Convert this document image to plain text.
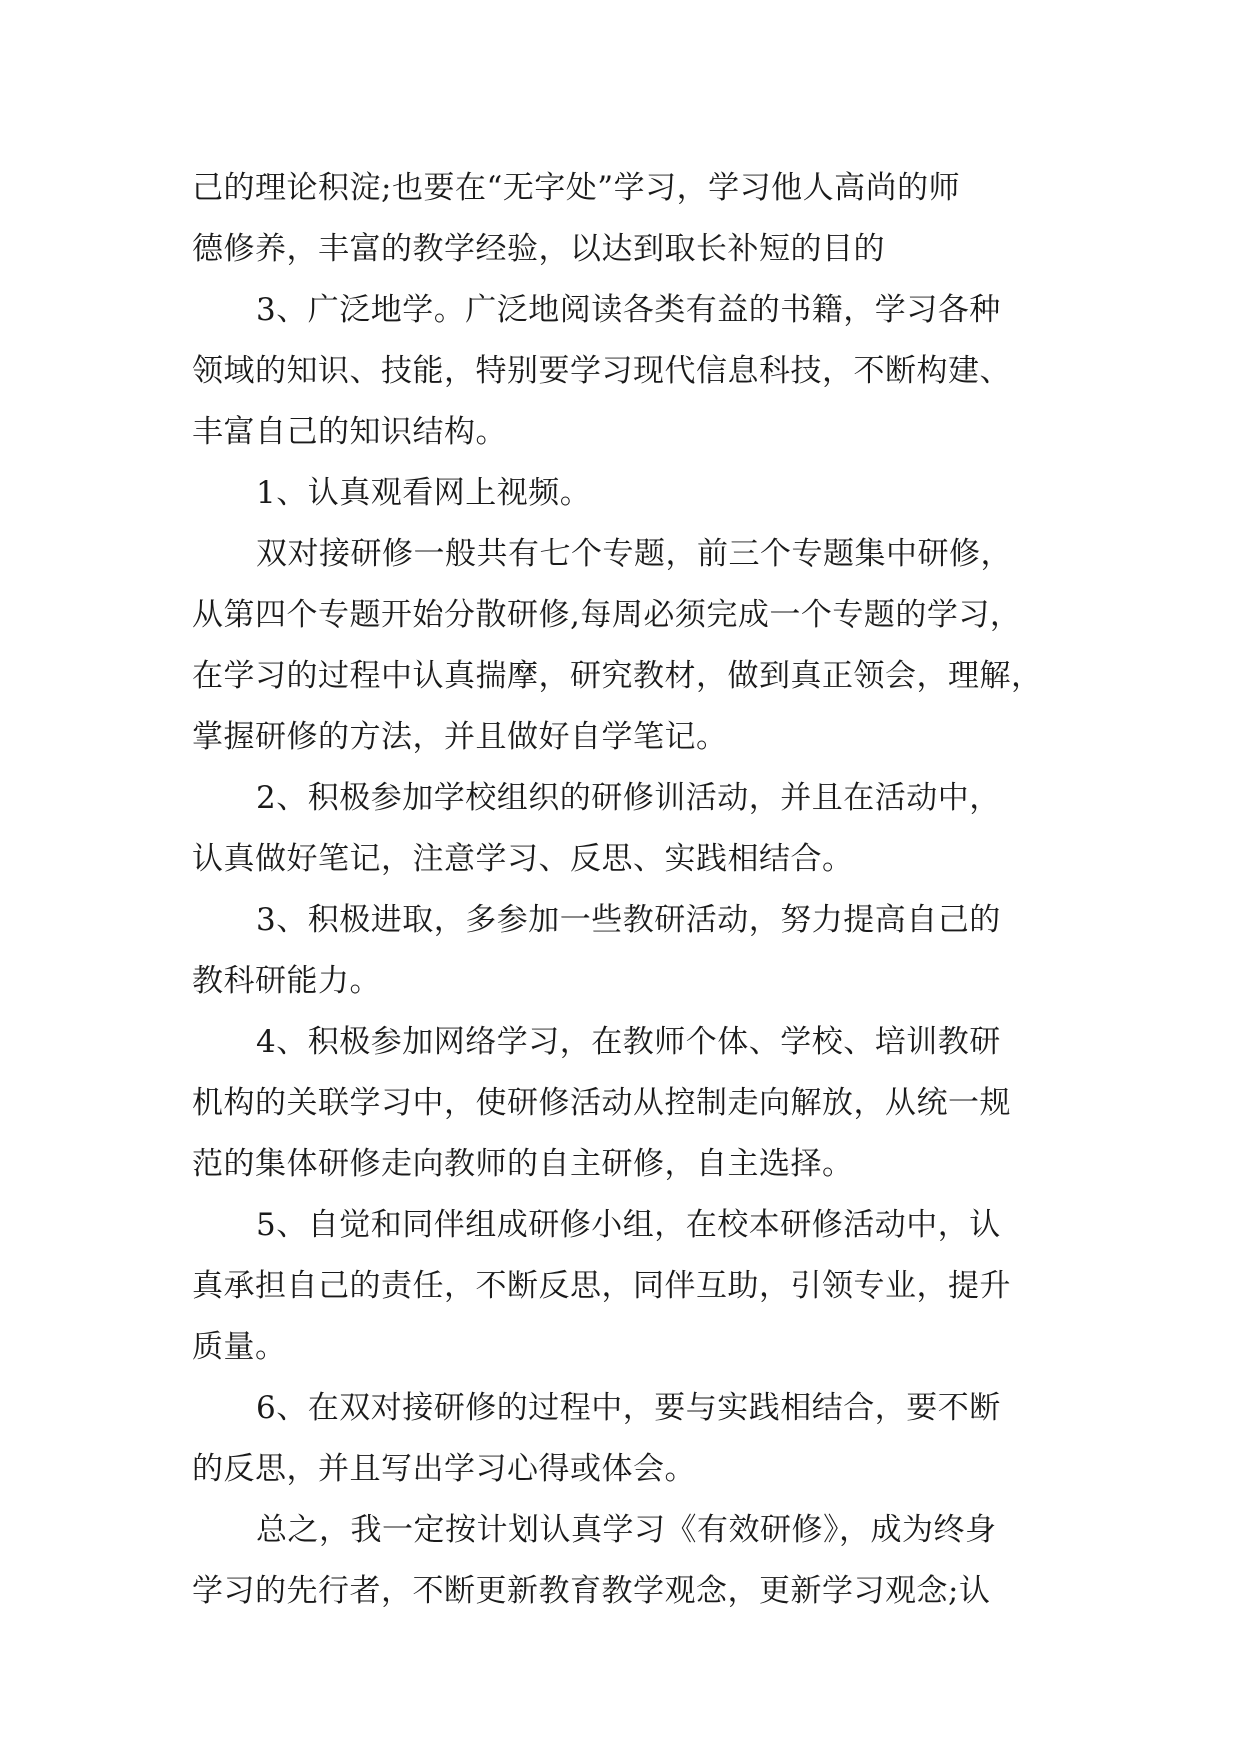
己的理论积淀;也要在“无字处”学习，学习他人高尚的师
德修养，丰富的教学经验，以达到取长补短的目的
3、广泛地学。广泛地阅读各类有益的书籍，学习各种
领域的知识、技能，特别要学习现代信息科技，不断构建、
丰富自己的知识结构。
1、认真观看网上视频。
双对接研修一般共有七个专题，前三个专题集中研修，
从第四个专题开始分散研修,每周必须完成一个专题的学习，
在学习的过程中认真揣摩，研究教材，做到真正领会，理解，
掌握研修的方法，并且做好自学笔记。
2、积极参加学校组织的研修训活动，并且在活动中，
认真做好笔记，注意学习、反思、实践相结合。
3、积极进取，多参加一些教研活动，努力提高自己的
教科研能力。
4、积极参加网络学习，在教师个体、学校、培训教研
机构的关联学习中，使研修活动从控制走向解放，从统一规
范的集体研修走向教师的自主研修，自主选择。
5、自觉和同伴组成研修小组，在校本研修活动中，认
真承担自己的责任，不断反思，同伴互助，引领专业，提升
质量。
6、在双对接研修的过程中，要与实践相结合，要不断
的反思，并且写出学习心得或体会。
总之，我一定按计划认真学习《有效研修》，成为终身
学习的先行者，不断更新教育教学观念，更新学习观念;认
